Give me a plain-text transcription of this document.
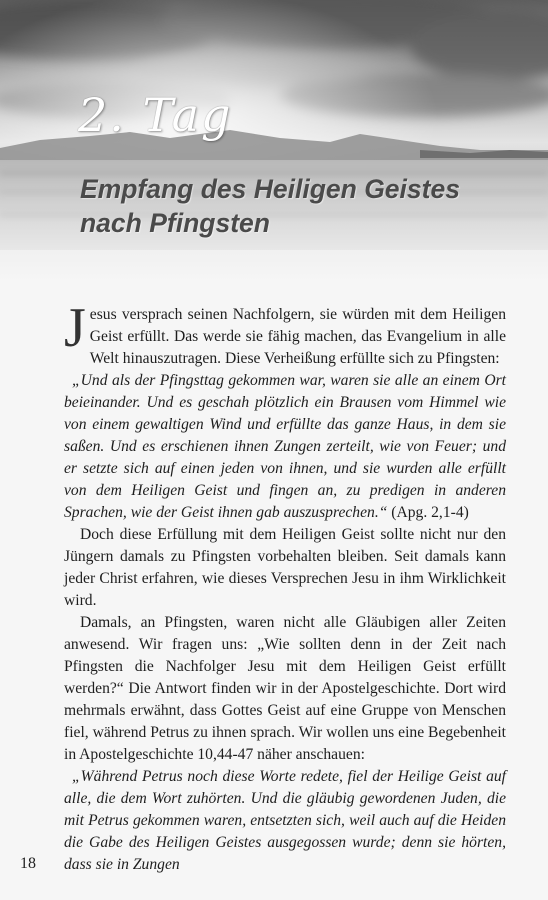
2. Tag
Empfang des Heiligen Geistes
nach Pfingsten

Jesus versprach seinen Nachfolgern, sie würden mit dem Heiligen Geist erfüllt. Das werde sie fähig machen, das Evangelium in alle Welt hinauszutragen. Diese Verheißung erfüllte sich zu Pfingsten:

„Und als der Pfingsttag gekommen war, waren sie alle an einem Ort beieinander. Und es geschah plötzlich ein Brausen vom Himmel wie von einem gewaltigen Wind und erfüllte das ganze Haus, in dem sie saßen. Und es erschienen ihnen Zungen zerteilt, wie von Feuer; und er setzte sich auf einen jeden von ihnen, und sie wurden alle erfüllt von dem Heiligen Geist und fingen an, zu predigen in anderen Sprachen, wie der Geist ihnen gab auszusprechen.“ (Apg. 2,1-4)

Doch diese Erfüllung mit dem Heiligen Geist sollte nicht nur den Jüngern damals zu Pfingsten vorbehalten bleiben. Seit damals kann jeder Christ erfahren, wie dieses Versprechen Jesu in ihm Wirklichkeit wird.

Damals, an Pfingsten, waren nicht alle Gläubigen aller Zeiten anwesend. Wir fragen uns: „Wie sollten denn in der Zeit nach Pfingsten die Nachfolger Jesu mit dem Heiligen Geist erfüllt werden?“ Die Antwort finden wir in der Apostelgeschichte. Dort wird mehrmals erwähnt, dass Gottes Geist auf eine Gruppe von Menschen fiel, während Petrus zu ihnen sprach. Wir wollen uns eine Begebenheit in Apostelgeschichte 10,44-47 näher anschauen:

„Während Petrus noch diese Worte redete, fiel der Heilige Geist auf alle, die dem Wort zuhörten. Und die gläubig gewordenen Juden, die mit Petrus gekommen waren, entsetzten sich, weil auch auf die Heiden die Gabe des Heiligen Geistes ausgegossen wurde; denn sie hörten, dass sie in Zungen

18
